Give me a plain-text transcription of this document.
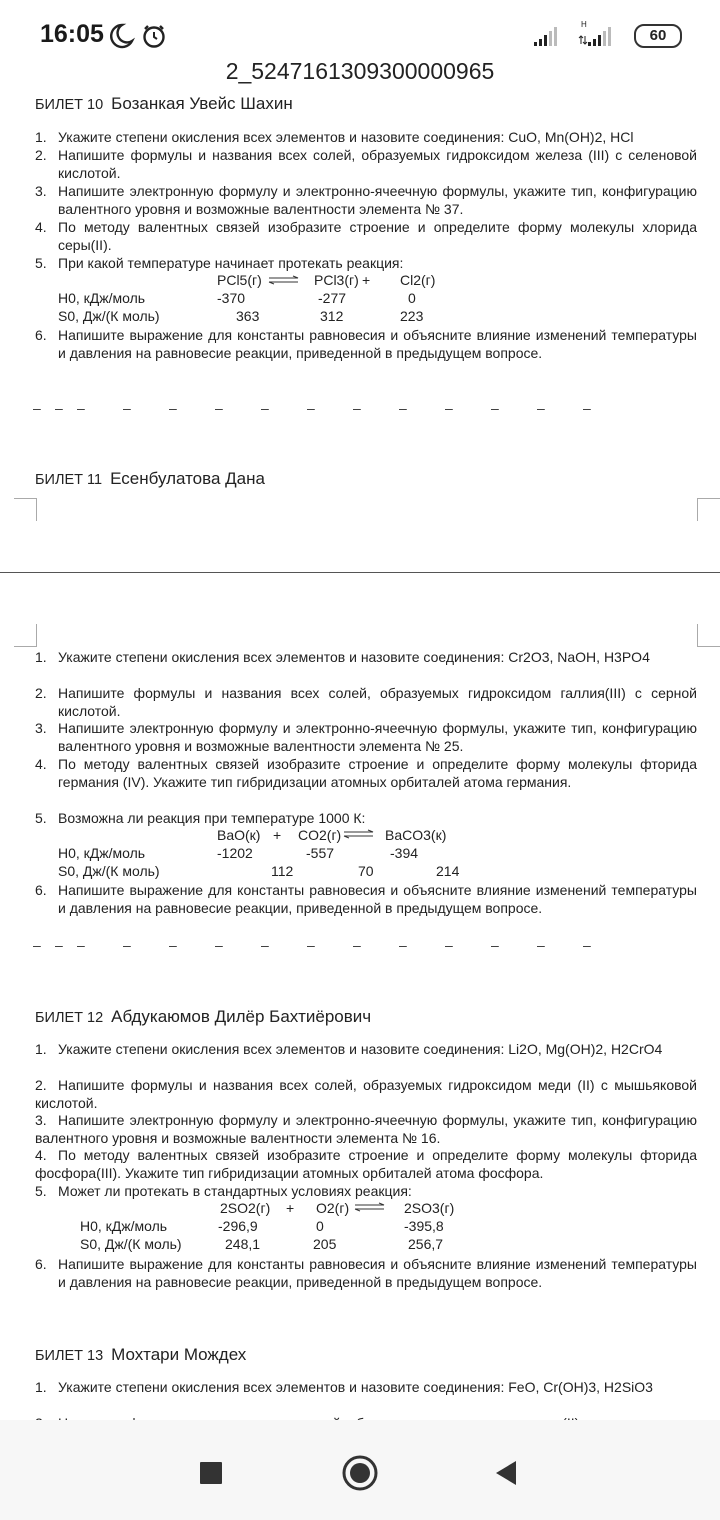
16:05	H
60
2_5247161309300000965
БИЛЕТ 10 Бозанкая Увейс Шахин
1. Укажите степени окисления всех элементов и назовите соединения: CuO, Mn(OH)2, HCl
2. Напишите формулы и названия всех солей, образуемых гидроксидом железа (III) с селеновой кислотой.
3. Напишите электронную формулу и электронно-ячеечную формулы, укажите тип, конфигурацию валентного уровня и возможные валентности элемента № 37.
4. По методу валентных связей изобразите строение и определите форму молекулы хлорида серы(II).
5. При какой температуре начинает протекать реакция:
PCl5(г) ⇌ PCl3(г) + Cl2(г)
H0, кДж/моль	-370	-277	0
S0, Дж/(К моль)	363	312	223
6. Напишите выражение для константы равновесия и объясните влияние изменений температуры и давления на равновесие реакции, приведенной в предыдущем вопросе.
– – –	–	–	–	–	–	–	–	–	–	–	–
БИЛЕТ 11 Есенбулатова Дана
1. Укажите степени окисления всех элементов и назовите соединения: Cr2O3, NaOH, H3PO4
2. Напишите формулы и названия всех солей, образуемых гидроксидом галлия(III) с серной кислотой.
3. Напишите электронную формулу и электронно-ячеечную формулы, укажите тип, конфигурацию валентного уровня и возможные валентности элемента № 25.
4. По методу валентных связей изобразите строение и определите форму молекулы фторида германия (IV). Укажите тип гибридизации атомных орбиталей атома германия.
5. Возможна ли реакция при температуре 1000 К:
BaO(к) + CO2(г) ⇌ BaCO3(к)
H0, кДж/моль	-1202	-557	-394
S0, Дж/(К моль)	112	70	214
6. Напишите выражение для константы равновесия и объясните влияние изменений температуры и давления на равновесие реакции, приведенной в предыдущем вопросе.
– – –	–	–	–	–	–	–	–	–	–	–	–
БИЛЕТ 12 Абдукаюмов Дилёр Бахтиёрович
1. Укажите степени окисления всех элементов и назовите соединения: Li2O, Mg(OH)2, H2CrO4
2. Напишите формулы и названия всех солей, образуемых гидроксидом меди (II) с мышьяковой кислотой.
3. Напишите электронную формулу и электронно-ячеечную формулы, укажите тип, конфигурацию валентного уровня и возможные валентности элемента № 16.
4. По методу валентных связей изобразите строение и определите форму молекулы фторида фосфора(III). Укажите тип гибридизации атомных орбиталей атома фосфора.
5. Может ли протекать в стандартных условиях реакция:
2SO2(г) + O2(г) ⇌ 2SO3(г)
H0, кДж/моль	-296,9	0	-395,8
S0, Дж/(К моль)	248,1	205	256,7
6. Напишите выражение для константы равновесия и объясните влияние изменений температуры и давления на равновесие реакции, приведенной в предыдущем вопросе.
БИЛЕТ 13 Мохтари Мождех
1. Укажите степени окисления всех элементов и назовите соединения: FeO, Cr(OH)3, H2SiO3
